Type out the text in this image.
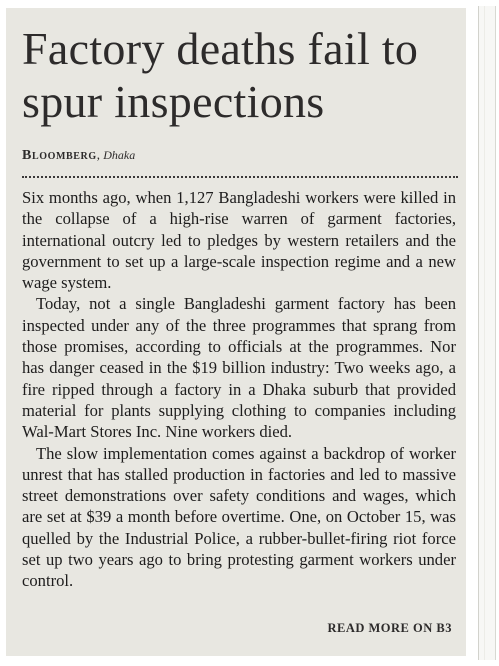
Factory deaths fail to spur inspections
Bloomberg, Dhaka

Six months ago, when 1,127 Bangladeshi workers were killed in the collapse of a high-rise warren of garment factories, international outcry led to pledges by western retailers and the government to set up a large-scale inspection regime and a new wage system.

Today, not a single Bangladeshi garment factory has been inspected under any of the three programmes that sprang from those promises, according to officials at the programmes. Nor has danger ceased in the $19 billion industry: Two weeks ago, a fire ripped through a factory in a Dhaka suburb that provided material for plants supplying clothing to companies including Wal-Mart Stores Inc. Nine workers died.

The slow implementation comes against a backdrop of worker unrest that has stalled production in factories and led to massive street demonstrations over safety conditions and wages, which are set at $39 a month before overtime. One, on October 15, was quelled by the Industrial Police, a rubber-bullet-firing riot force set up two years ago to bring protesting garment workers under control.

READ MORE ON B3
